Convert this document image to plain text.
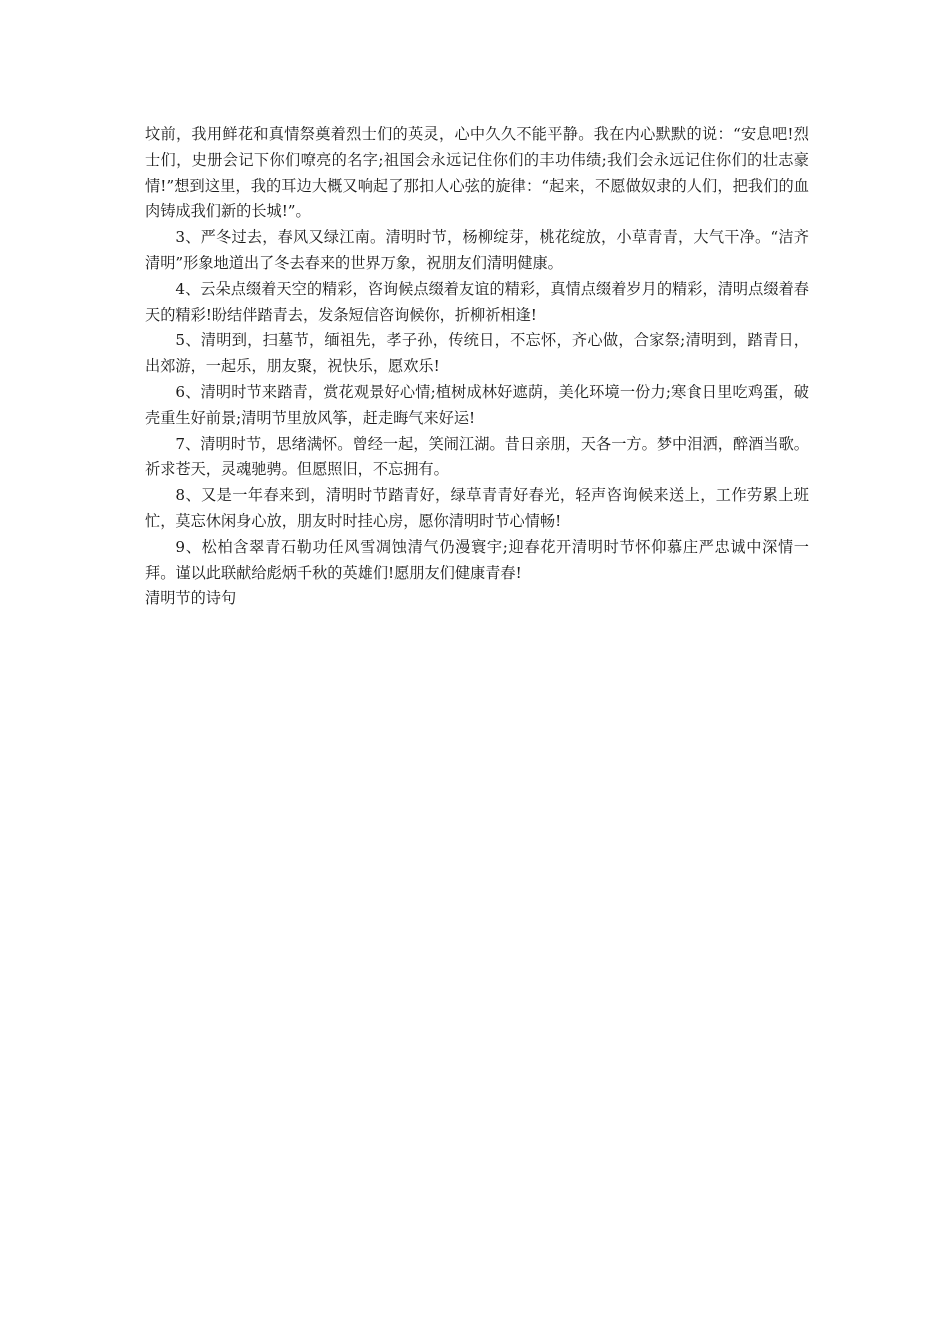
坟前，我用鲜花和真情祭奠着烈士们的英灵，心中久久不能平静。我在内心默默的说：“安息吧!烈士们，史册会记下你们嘹亮的名字;祖国会永远记住你们的丰功伟绩;我们会永远记住你们的壮志豪情!”想到这里，我的耳边大概又响起了那扣人心弦的旋律：“起来，不愿做奴隶的人们，把我们的血肉铸成我们新的长城!”。

3、严冬过去，春风又绿江南。清明时节，杨柳绽芽，桃花绽放，小草青青，大气干净。“洁齐清明”形象地道出了冬去春来的世界万象，祝朋友们清明健康。

4、云朵点缀着天空的精彩，咨询候点缀着友谊的精彩，真情点缀着岁月的精彩，清明点缀着春天的精彩!盼结伴踏青去，发条短信咨询候你，折柳祈相逢!

5、清明到，扫墓节，缅祖先，孝子孙，传统日，不忘怀，齐心做，合家祭;清明到，踏青日，出郊游，一起乐，朋友聚，祝快乐，愿欢乐!

6、清明时节来踏青，赏花观景好心情;植树成林好遮荫，美化环境一份力;寒食日里吃鸡蛋，破壳重生好前景;清明节里放风筝，赶走晦气来好运!

7、清明时节，思绪满怀。曾经一起，笑闹江湖。昔日亲朋，天各一方。梦中泪洒，醉酒当歌。祈求苍天，灵魂驰骋。但愿照旧，不忘拥有。

8、又是一年春来到，清明时节踏青好，绿草青青好春光，轻声咨询候来送上，工作劳累上班忙，莫忘休闲身心放，朋友时时挂心房，愿你清明时节心情畅!

9、松柏含翠青石勒功任风雪凋蚀清气仍漫寰宇;迎春花开清明时节怀仰慕庄严忠诚中深情一拜。谨以此联献给彪炳千秋的英雄们!愿朋友们健康青春!

清明节的诗句
